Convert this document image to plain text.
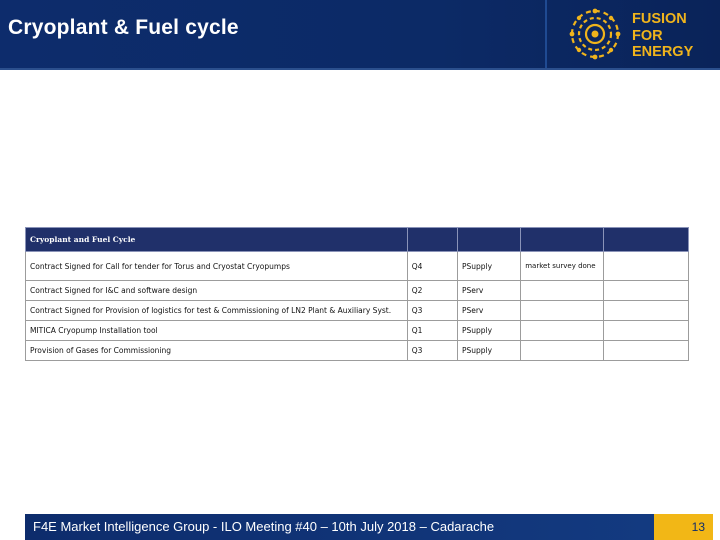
Cryoplant & Fuel cycle	FUSION
FOR
ENERGY
Cryoplant and Fuel Cycle				
Contract Signed for Call for tender for Torus and Cryostat Cryopumps	Q4	PSupply	market survey done	
Contract Signed for I&C and software design	Q2	PServ		
Contract Signed for Provision of logistics for test & Commissioning of LN2 Plant & Auxiliary Syst.	Q3	PServ		
MITICA Cryopump Installation tool	Q1	PSupply		
Provision of Gases for Commissioning	Q3	PSupply		
F4E Market Intelligence Group - ILO Meeting #40 – 10th July 2018 – Cadarache	13
